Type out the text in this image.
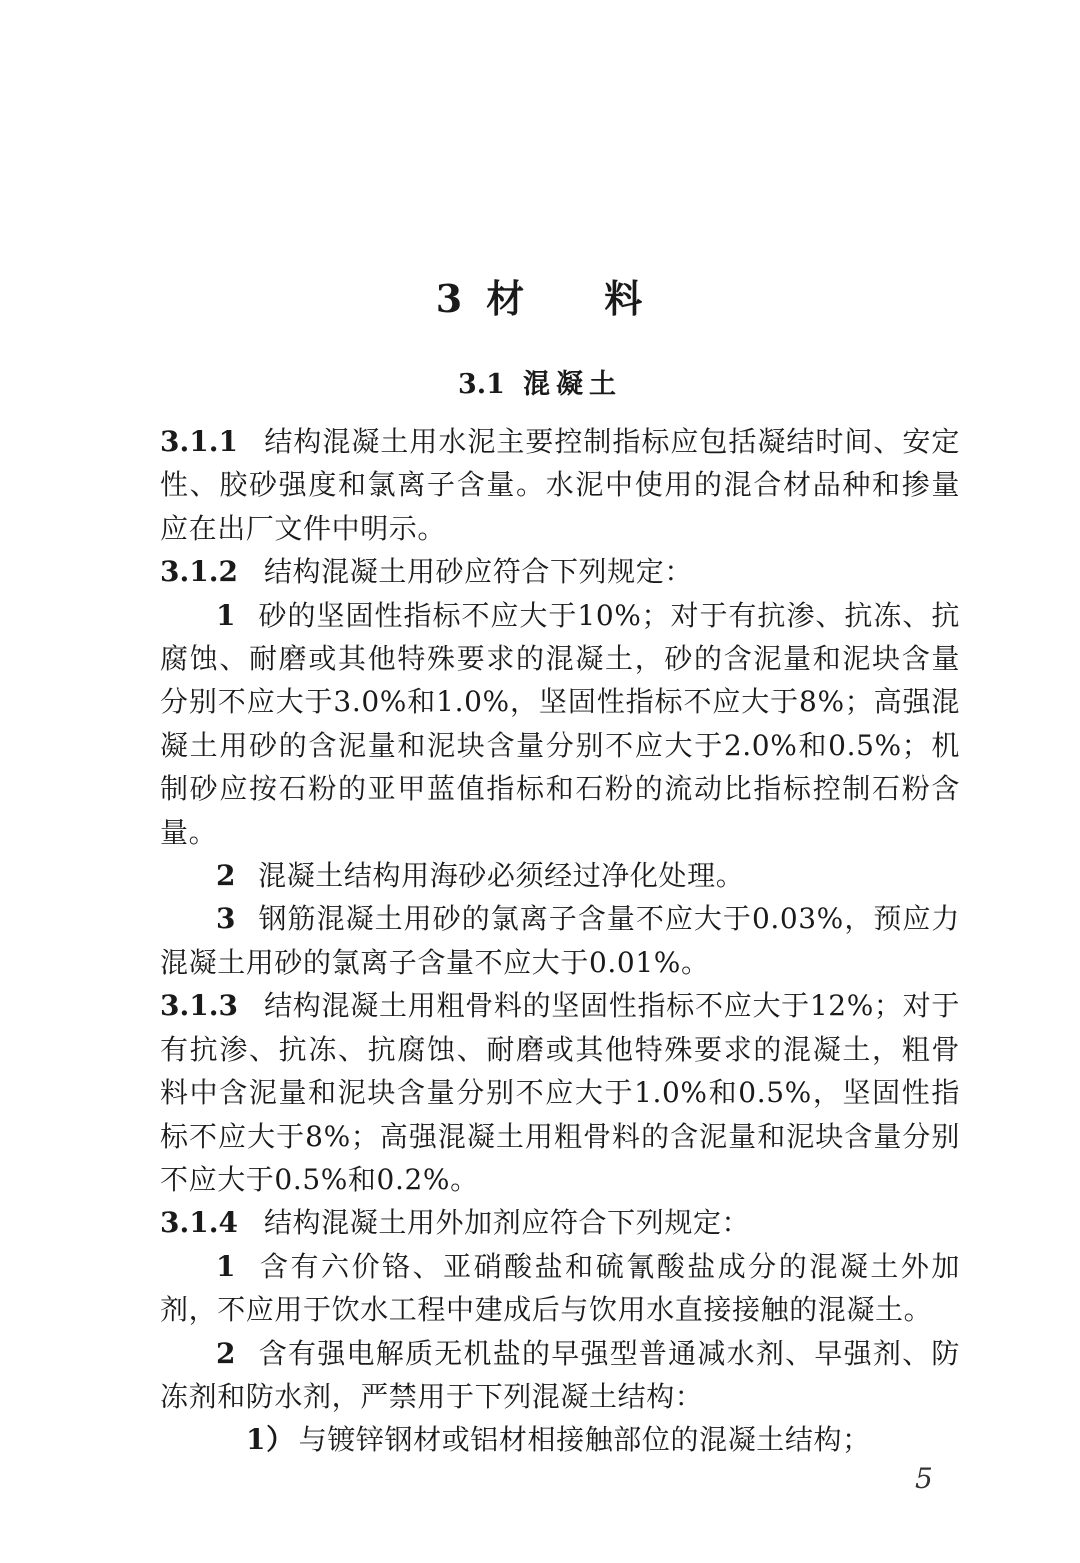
3 材 料
3.1 混凝土

3.1.1 结构混凝土用水泥主要控制指标应包括凝结时间、安定性、胶砂强度和氯离子含量。水泥中使用的混合材品种和掺量应在出厂文件中明示。

3.1.2 结构混凝土用砂应符合下列规定：

1 砂的坚固性指标不应大于10%；对于有抗渗、抗冻、抗腐蚀、耐磨或其他特殊要求的混凝土，砂的含泥量和泥块含量分别不应大于3.0%和1.0%，坚固性指标不应大于8%；高强混凝土用砂的含泥量和泥块含量分别不应大于2.0%和0.5%；机制砂应按石粉的亚甲蓝值指标和石粉的流动比指标控制石粉含量。

2 混凝土结构用海砂必须经过净化处理。

3 钢筋混凝土用砂的氯离子含量不应大于0.03%，预应力混凝土用砂的氯离子含量不应大于0.01%。

3.1.3 结构混凝土用粗骨料的坚固性指标不应大于12%；对于有抗渗、抗冻、抗腐蚀、耐磨或其他特殊要求的混凝土，粗骨料中含泥量和泥块含量分别不应大于1.0%和0.5%，坚固性指标不应大于8%；高强混凝土用粗骨料的含泥量和泥块含量分别不应大于0.5%和0.2%。

3.1.4 结构混凝土用外加剂应符合下列规定：

1 含有六价铬、亚硝酸盐和硫氰酸盐成分的混凝土外加剂，不应用于饮水工程中建成后与饮用水直接接触的混凝土。

2 含有强电解质无机盐的早强型普通减水剂、早强剂、防冻剂和防水剂，严禁用于下列混凝土结构：

1） 与镀锌钢材或铝材相接触部位的混凝土结构；

5
